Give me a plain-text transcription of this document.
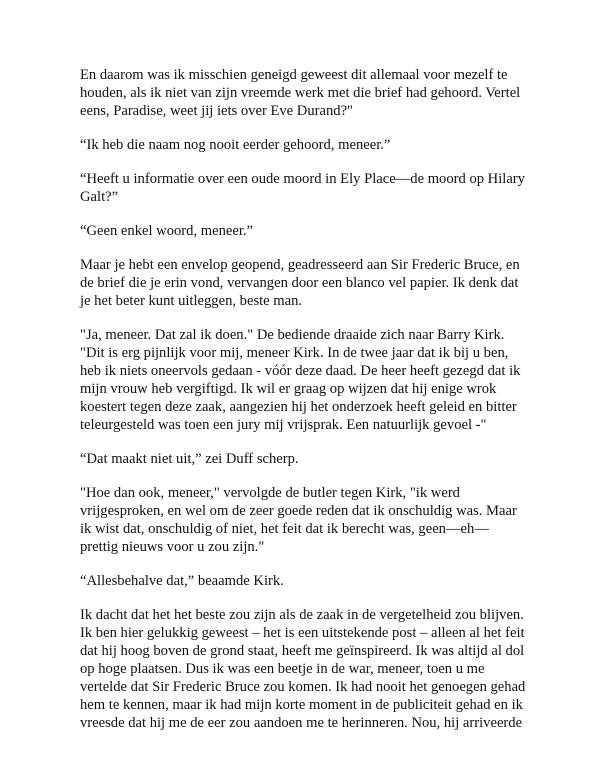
En daarom was ik misschien geneigd geweest dit allemaal voor mezelf te houden, als ik niet van zijn vreemde werk met die brief had gehoord. Vertel eens, Paradise, weet jij iets over Eve Durand?"

“Ik heb die naam nog nooit eerder gehoord, meneer.”

“Heeft u informatie over een oude moord in Ely Place—de moord op Hilary Galt?”

“Geen enkel woord, meneer.”

Maar je hebt een envelop geopend, geadresseerd aan Sir Frederic Bruce, en de brief die je erin vond, vervangen door een blanco vel papier. Ik denk dat je het beter kunt uitleggen, beste man.

"Ja, meneer. Dat zal ik doen." De bediende draaide zich naar Barry Kirk. "Dit is erg pijnlijk voor mij, meneer Kirk. In de twee jaar dat ik bij u ben, heb ik niets oneervols gedaan - vóór deze daad. De heer heeft gezegd dat ik mijn vrouw heb vergiftigd. Ik wil er graag op wijzen dat hij enige wrok koestert tegen deze zaak, aangezien hij het onderzoek heeft geleid en bitter teleurgesteld was toen een jury mij vrijsprak. Een natuurlijk gevoel -"

“Dat maakt niet uit,” zei Duff scherp.

"Hoe dan ook, meneer," vervolgde de butler tegen Kirk, "ik werd vrijgesproken, en wel om de zeer goede reden dat ik onschuldig was. Maar ik wist dat, onschuldig of niet, het feit dat ik berecht was, geen—eh—prettig nieuws voor u zou zijn."

“Allesbehalve dat,” beaamde Kirk.

Ik dacht dat het het beste zou zijn als de zaak in de vergetelheid zou blijven. Ik ben hier gelukkig geweest – het is een uitstekende post – alleen al het feit dat hij hoog boven de grond staat, heeft me geïnspireerd. Ik was altijd al dol op hoge plaatsen. Dus ik was een beetje in de war, meneer, toen u me vertelde dat Sir Frederic Bruce zou komen. Ik had nooit het genoegen gehad hem te kennen, maar ik had mijn korte moment in de publiciteit gehad en ik vreesde dat hij me de eer zou aandoen me te herinneren. Nou, hij arriveerde
